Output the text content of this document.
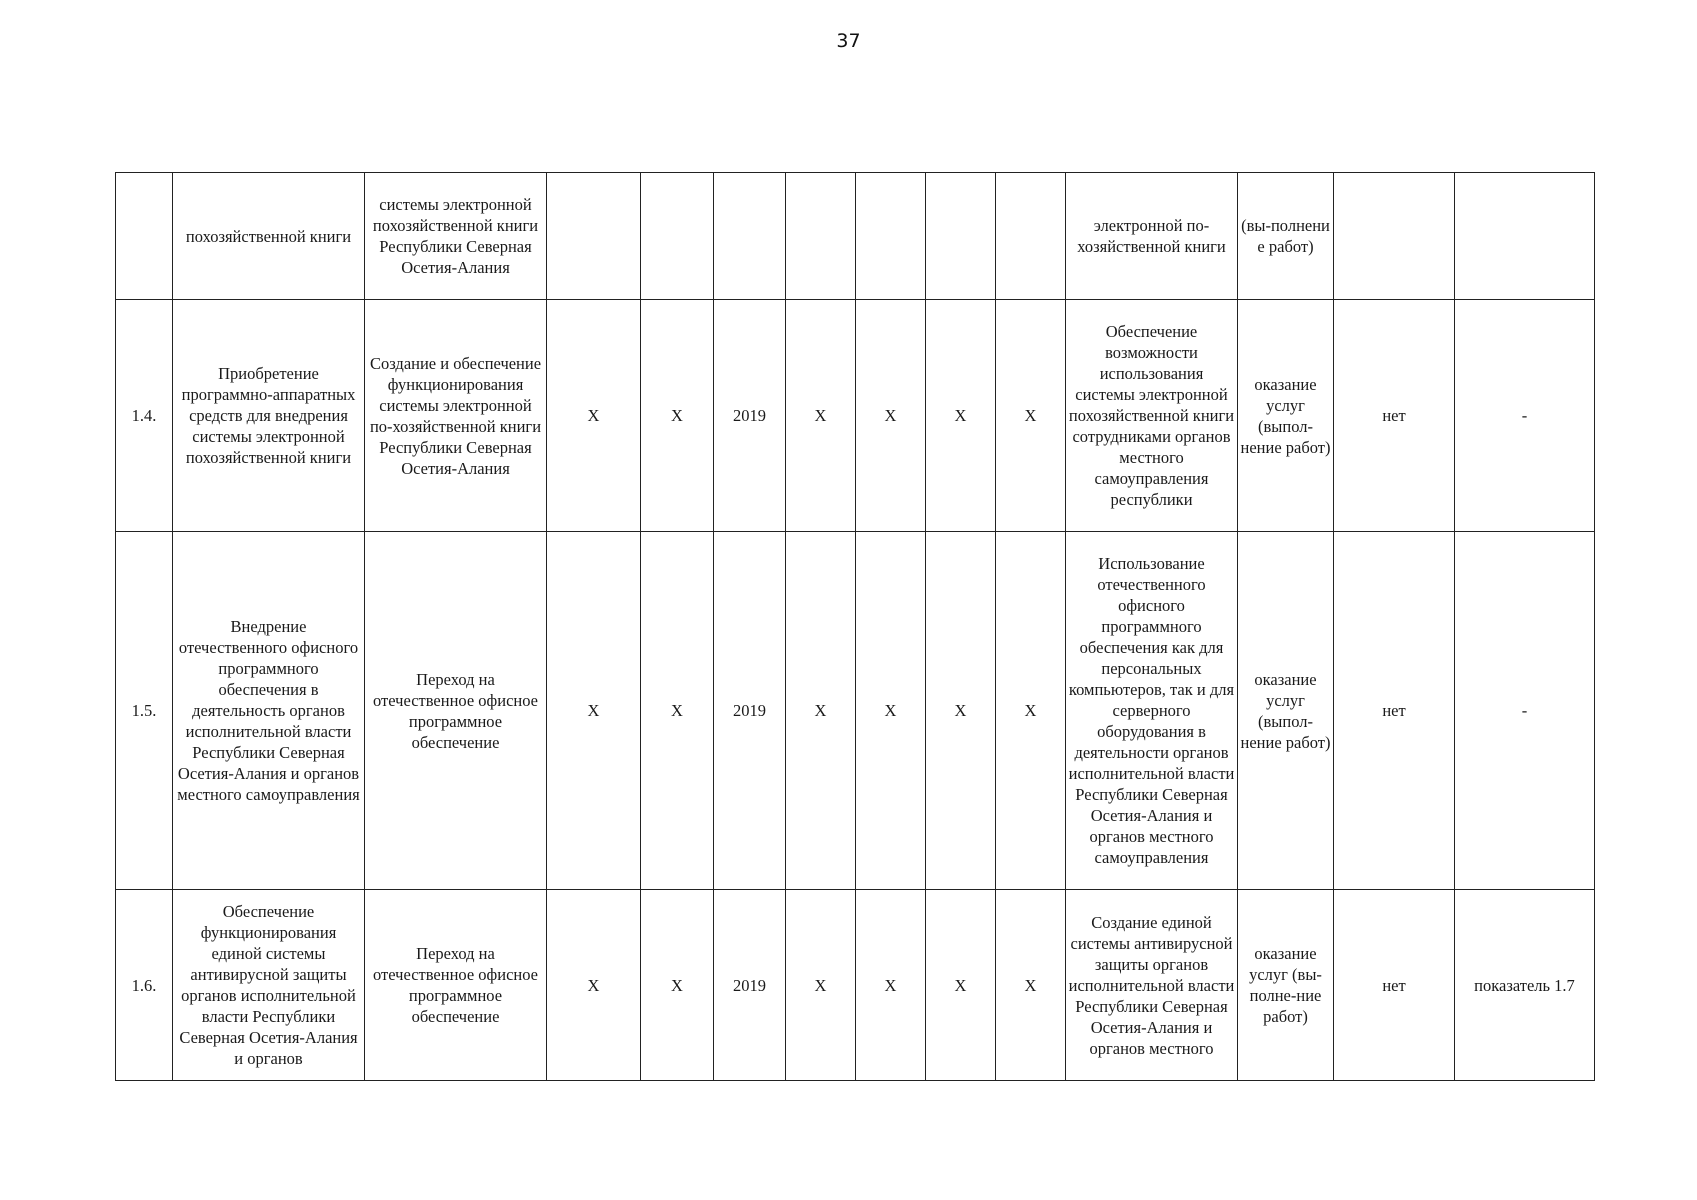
37
	похозяйственной книги	системы электронной похозяйственной книги Республики Северная Осетия-Алания								электронной по-хозяйственной книги	(вы-полнени е работ)		
1.4.	Приобретение программно-аппаратных средств для внедрения системы электронной похозяйственной книги	Создание и обеспечение функционирования системы электронной по-хозяйственной книги Республики Северная Осетия-Алания	X	X	2019	X	X	X	X	Обеспечение возможности использования системы электронной похозяйственной книги сотрудниками органов местного самоуправления республики	оказание услуг (выпол-нение работ)	нет	-
1.5.	Внедрение отечественного офисного программного обеспечения в деятельность органов исполнительной власти Республики Северная Осетия-Алания и органов местного самоуправления	Переход на отечественное офисное программное обеспечение	X	X	2019	X	X	X	X	Использование отечественного офисного программного обеспечения как для персональных компьютеров, так и для серверного оборудования в деятельности органов исполнительной власти Республики Северная Осетия-Алания и органов местного самоуправления	оказание услуг (выпол-нение работ)	нет	-
1.6.	Обеспечение функционирования единой системы антивирусной защиты органов исполнительной власти Республики Северная Осетия-Алания и органов	Переход на отечественное офисное программное обеспечение	X	X	2019	X	X	X	X	Создание единой системы антивирусной защиты органов исполнительной власти Республики Северная Осетия-Алания и органов местного	оказание услуг (вы-полне-ние работ)	нет	показатель 1.7
